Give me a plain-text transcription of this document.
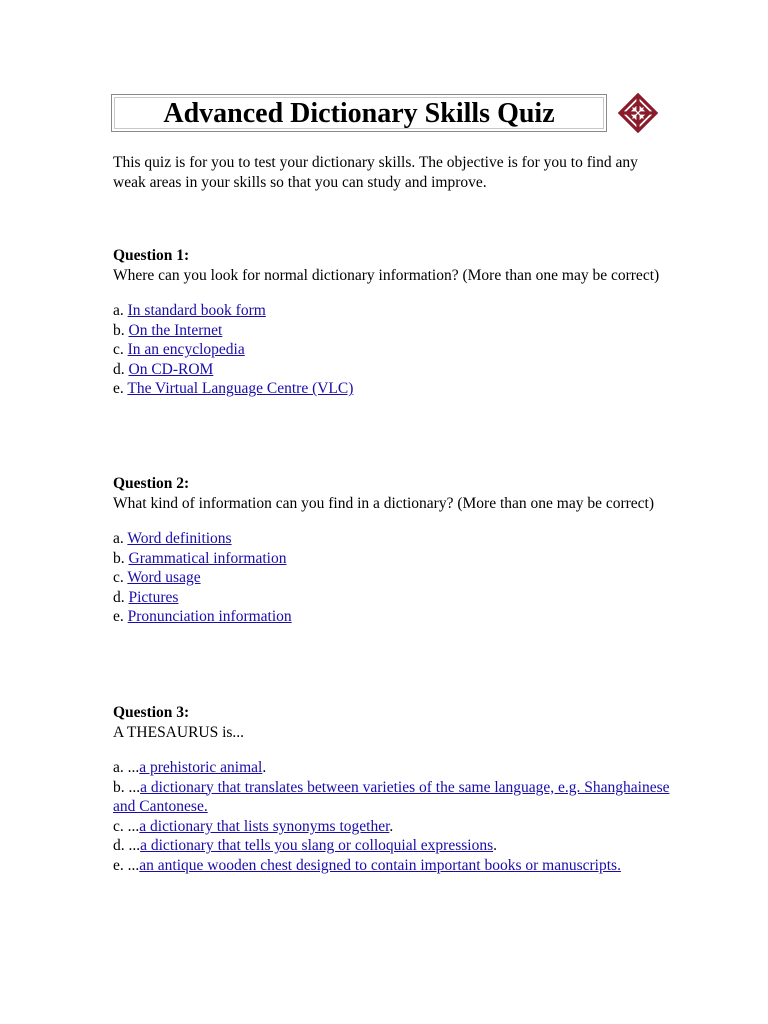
Advanced Dictionary Skills Quiz
This quiz is for you to test your dictionary skills. The objective is for you to find any weak areas in your skills so that you can study and improve.
Question 1:
Where can you look for normal dictionary information? (More than one may be correct)
a. In standard book form
b. On the Internet
c. In an encyclopedia
d. On CD-ROM
e. The Virtual Language Centre (VLC)
Question 2:
What kind of information can you find in a dictionary? (More than one may be correct)
a. Word definitions
b. Grammatical information
c. Word usage
d. Pictures
e. Pronunciation information
Question 3:
A THESAURUS is...
a. ...a prehistoric animal.
b. ...a dictionary that translates between varieties of the same language, e.g. Shanghainese and Cantonese.
c. ...a dictionary that lists synonyms together.
d. ...a dictionary that tells you slang or colloquial expressions.
e. ...an antique wooden chest designed to contain important books or manuscripts.
